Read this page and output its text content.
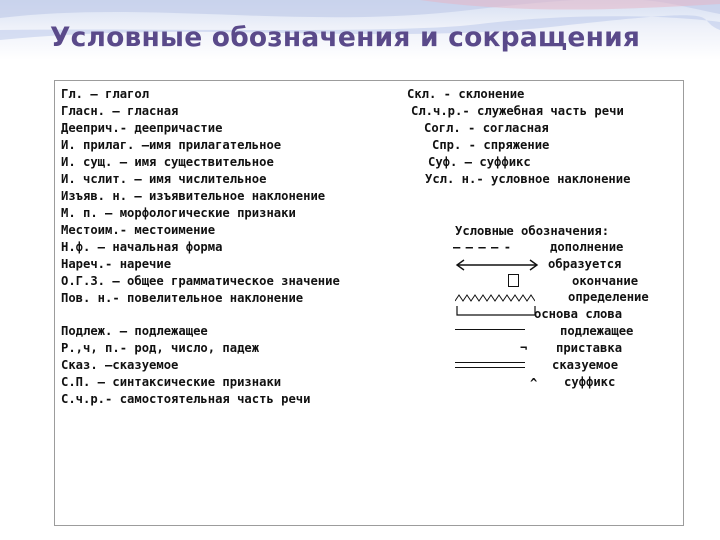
Условные обозначения и сокращения
Гл. – глагол
Гласн. – гласная
Дееприч.- деепричастие
И. прилаг. –имя прилагательное
И. сущ. – имя существительное
И. чслит. – имя числительное
Изъяв. н. – изъявительное наклонение
М. п. – морфологические признаки
Местоим.- местоимение
Н.ф. – начальная форма
Нареч.- наречие
О.Г.З. – общее грамматическое значение
Пов. н.- повелительное наклонение
Подлеж. – подлежащее
Р.,ч, п.- род, число, падеж
Сказ. –сказуемое
С.П. – синтаксические признаки
С.ч.р.- самостоятельная часть речи
Скл. - склонение
Сл.ч.р.- служебная часть речи
Согл. - согласная
Спр. - спряжение
Суф. – суффикс
Усл. н.- условное наклонение
Условные обозначения:
– – – – -	дополнение
образуется
окончание
определение
основа слова
подлежащее
¬ приставка
сказуемое
^ суффикс
